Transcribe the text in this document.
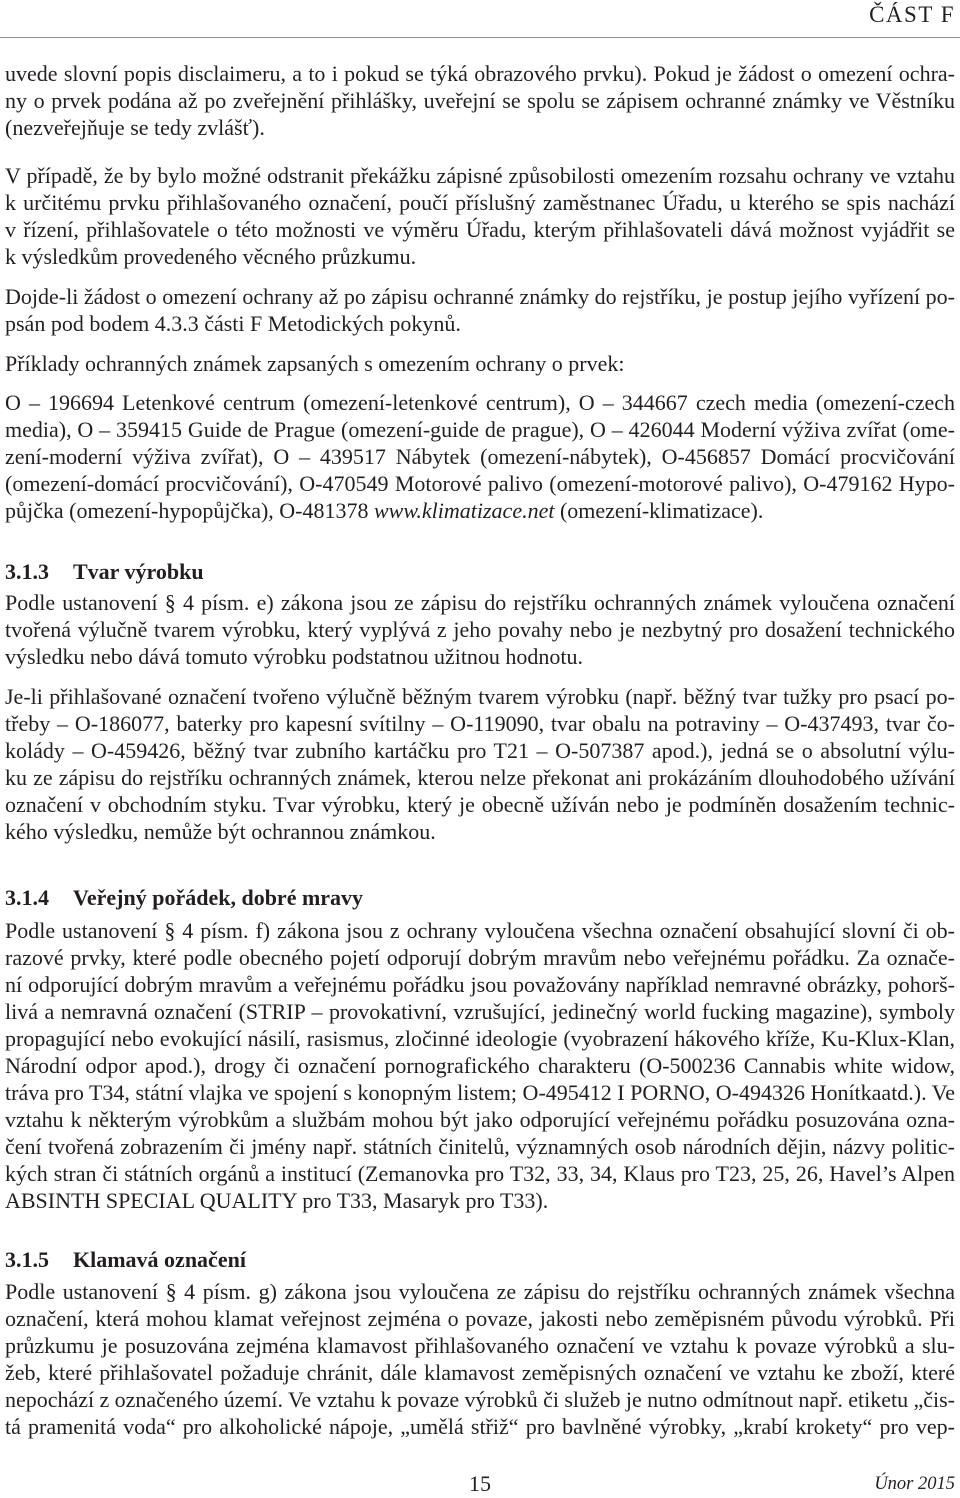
ČÁST F
uvede slovní popis disclaimeru, a to i pokud se týká obrazového prvku). Pokud je žádost o omezení ochra-
ny o prvek podána až po zveřejnění přihlášky, uveřejní se spolu se zápisem ochranné známky ve Věstníku
(nezveřejňuje se tedy zvlášť).
V případě, že by bylo možné odstranit překážku zápisné způsobilosti omezením rozsahu ochrany ve vztahu
k určitému prvku přihlašovaného označení, poučí příslušný zaměstnanec Úřadu, u kterého se spis nachází
v řízení, přihlašovatele o této možnosti ve výměru Úřadu, kterým přihlašovateli dává možnost vyjádřit se
k výsledkům provedeného věcného průzkumu.
Dojde-li žádost o omezení ochrany až po zápisu ochranné známky do rejstříku, je postup jejího vyřízení po-
psán pod bodem 4.3.3 části F Metodických pokynů.
Příklady ochranných známek zapsaných s omezením ochrany o prvek:
O – 196694 Letenkové centrum (omezení-letenkové centrum), O – 344667 czech media (omezení-czech
media), O – 359415 Guide de Prague (omezení-guide de prague), O – 426044 Moderní výživa zvířat (ome-
zení-moderní výživa zvířat), O – 439517 Nábytek (omezení-nábytek), O-456857 Domácí procvičování
(omezení-domácí procvičování), O-470549 Motorové palivo (omezení-motorové palivo), O-479162 Hypo-
půjčka (omezení-hypopůjčka), O-481378 www.klimatizace.net (omezení-klimatizace).
3.1.3 Tvar výrobku
Podle ustanovení § 4 písm. e) zákona jsou ze zápisu do rejstříku ochranných známek vyloučena označení
tvořená výlučně tvarem výrobku, který vyplývá z jeho povahy nebo je nezbytný pro dosažení technického
výsledku nebo dává tomuto výrobku podstatnou užitnou hodnotu.
Je-li přihlašované označení tvořeno výlučně běžným tvarem výrobku (např. běžný tvar tužky pro psací po-
třeby – O-186077, baterky pro kapesní svítilny – O-119090, tvar obalu na potraviny – O-437493, tvar čo-
kolády – O-459426, běžný tvar zubního kartáčku pro T21 – O-507387 apod.), jedná se o absolutní výlu-
ku ze zápisu do rejstříku ochranných známek, kterou nelze překonat ani prokázáním dlouhodobého užívání
označení v obchodním styku. Tvar výrobku, který je obecně užíván nebo je podmíněn dosažením technic-
kého výsledku, nemůže být ochrannou známkou.
3.1.4 Veřejný pořádek, dobré mravy
Podle ustanovení § 4 písm. f) zákona jsou z ochrany vyloučena všechna označení obsahující slovní či ob-
razové prvky, které podle obecného pojetí odporují dobrým mravům nebo veřejnému pořádku. Za označe-
ní odporující dobrým mravům a veřejnému pořádku jsou považovány například nemravné obrázky, pohorš-
livá a nemravná označení (STRIP – provokativní, vzrušující, jedinečný world fucking magazine), symboly
propagující nebo evokující násilí, rasismus, zločinné ideologie (vyobrazení hákového kříže, Ku-Klux-Klan,
Národní odpor apod.), drogy či označení pornografického charakteru (O-500236 Cannabis white widow,
tráva pro T34, státní vlajka ve spojení s konopným listem; O-495412 I PORNO, O-494326 Honítkaatd.). Ve
vztahu k některým výrobkům a službám mohou být jako odporující veřejnému pořádku posuzována ozna-
čení tvořená zobrazením či jmény např. státních činitelů, významných osob národních dějin, názvy politic-
kých stran či státních orgánů a institucí (Zemanovka pro T32, 33, 34, Klaus pro T23, 25, 26, Havel’s Alpen
ABSINTH SPECIAL QUALITY pro T33, Masaryk pro T33).
3.1.5 Klamavá označení
Podle ustanovení § 4 písm. g) zákona jsou vyloučena ze zápisu do rejstříku ochranných známek všechna
označení, která mohou klamat veřejnost zejména o povaze, jakosti nebo zeměpisném původu výrobků. Při
průzkumu je posuzována zejména klamavost přihlašovaného označení ve vztahu k povaze výrobků a slu-
žeb, které přihlašovatel požaduje chránit, dále klamavost zeměpisných označení ve vztahu ke zboží, které
nepochází z označeného území. Ve vztahu k povaze výrobků či služeb je nutno odmítnout např. etiketu „čis-
tá pramenitá voda“ pro alkoholické nápoje, „umělá střiž“ pro bavlněné výrobky, „krabí krokety“ pro vep-
15	Únor 2015
